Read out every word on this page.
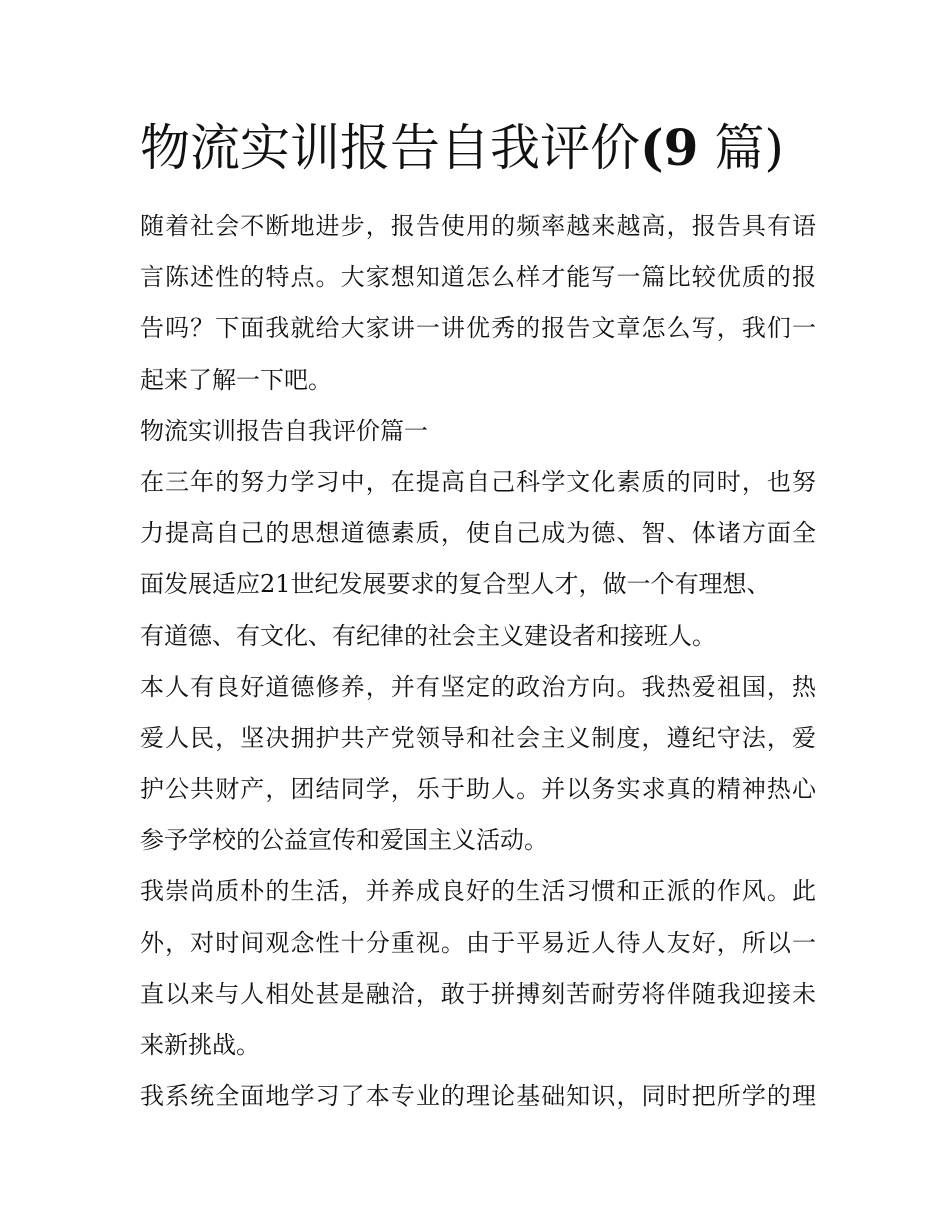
物流实训报告自我评价(9 篇)
随着社会不断地进步，报告使用的频率越来越高，报告具有语
言陈述性的特点。大家想知道怎么样才能写一篇比较优质的报
告吗？下面我就给大家讲一讲优秀的报告文章怎么写，我们一
起来了解一下吧。
物流实训报告自我评价篇一
在三年的努力学习中，在提高自己科学文化素质的同时，也努
力提高自己的思想道德素质，使自己成为德、智、体诸方面全
面发展适应21世纪发展要求的复合型人才，做一个有理想、
有道德、有文化、有纪律的社会主义建设者和接班人。
本人有良好道德修养，并有坚定的政治方向。我热爱祖国，热
爱人民，坚决拥护共产党领导和社会主义制度，遵纪守法，爱
护公共财产，团结同学，乐于助人。并以务实求真的精神热心
参予学校的公益宣传和爱国主义活动。
我崇尚质朴的生活，并养成良好的生活习惯和正派的作风。此
外，对时间观念性十分重视。由于平易近人待人友好，所以一
直以来与人相处甚是融洽，敢于拼搏刻苦耐劳将伴随我迎接未
来新挑战。
我系统全面地学习了本专业的理论基础知识，同时把所学的理
